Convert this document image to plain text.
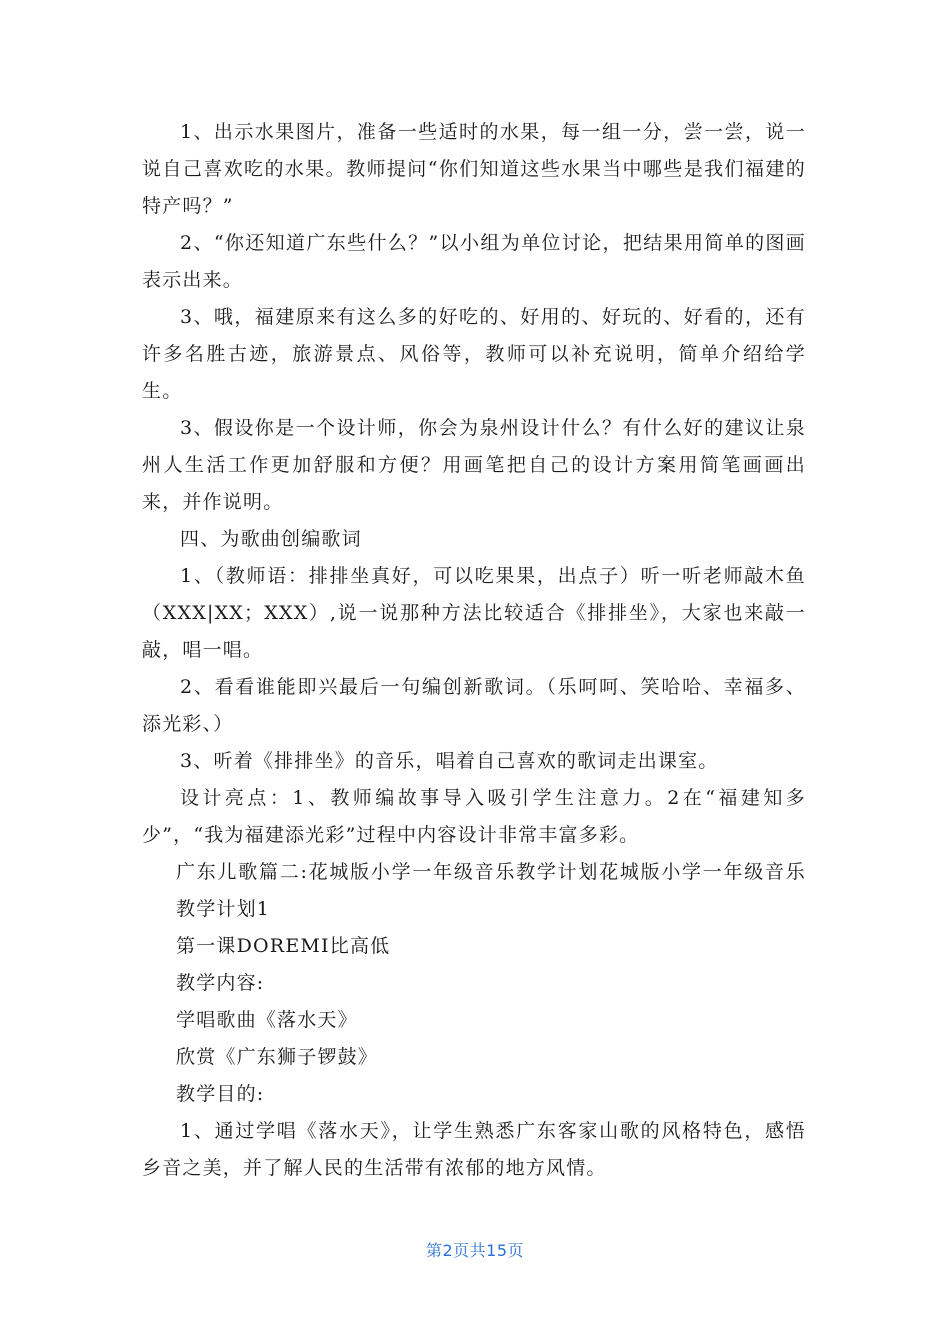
1、出示水果图片，准备一些适时的水果，每一组一分，尝一尝，说一说自己喜欢吃的水果。教师提问“你们知道这些水果当中哪些是我们福建的特产吗？”

2、“你还知道广东些什么？”以小组为单位讨论，把结果用简单的图画表示出来。

3、哦，福建原来有这么多的好吃的、好用的、好玩的、好看的，还有许多名胜古迹，旅游景点、风俗等，教师可以补充说明，简单介绍给学生。

3、假设你是一个设计师，你会为泉州设计什么？有什么好的建议让泉州人生活工作更加舒服和方便？用画笔把自己的设计方案用简笔画画出来，并作说明。

四、为歌曲创编歌词

1、（教师语：排排坐真好，可以吃果果，出点子）听一听老师敲木鱼（XXX|XX；XXX）,说一说那种方法比较适合《排排坐》，大家也来敲一敲，唱一唱。

2、看看谁能即兴最后一句编创新歌词。（乐呵呵、笑哈哈、幸福多、添光彩、）

3、听着《排排坐》的音乐，唱着自己喜欢的歌词走出课室。

设计亮点：1、教师编故事导入吸引学生注意力。2在“福建知多少”，“我为福建添光彩”过程中内容设计非常丰富多彩。

广东儿歌篇二:花城版小学一年级音乐教学计划花城版小学一年级音乐教学计划1

第一课DOREMI比高低

教学内容:

学唱歌曲《落水天》

欣赏《广东狮子锣鼓》

教学目的:

1、通过学唱《落水天》，让学生熟悉广东客家山歌的风格特色，感悟乡音之美，并了解人民的生活带有浓郁的地方风情。

第2页共15页
